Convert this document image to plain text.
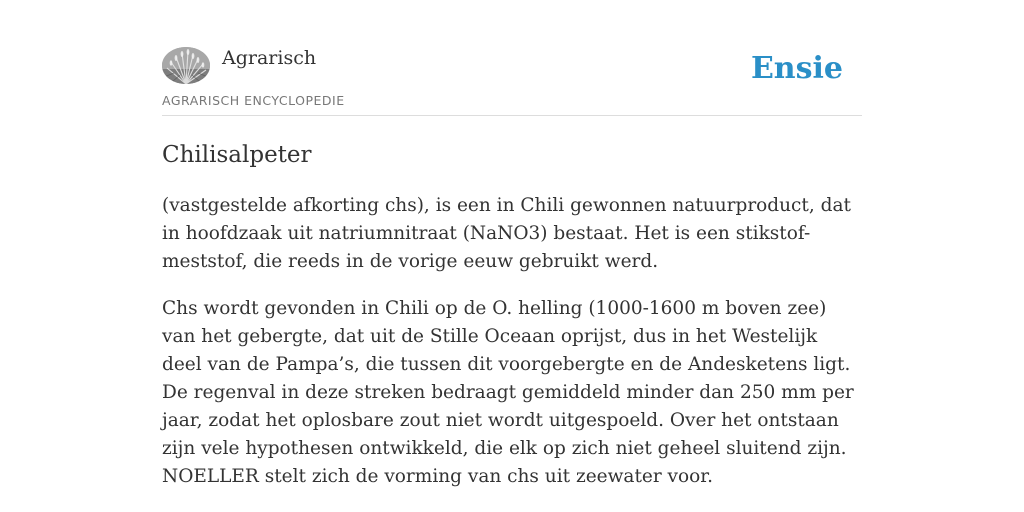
Agrarisch
AGRARISCH ENCYCLOPEDIE
Ensie
Chilisalpeter

(vastgestelde afkorting chs), is een in Chili gewonnen natuurproduct, dat in hoofdzaak uit natriumnitraat (NaNO3) bestaat. Het is een stikstof-meststof, die reeds in de vorige eeuw gebruikt werd.

Chs wordt gevonden in Chili op de O. helling (1000-1600 m boven zee) van het gebergte, dat uit de Stille Oceaan oprijst, dus in het Westelijk deel van de Pampa’s, die tussen dit voorgebergte en de Andesketens ligt. De regenval in deze streken bedraagt gemiddeld minder dan 250 mm per jaar, zodat het oplosbare zout niet wordt uitgespoeld. Over het ontstaan zijn vele hypothesen ontwikkeld, die elk op zich niet geheel sluitend zijn. NOELLER stelt zich de vorming van chs uit zeewater voor.
